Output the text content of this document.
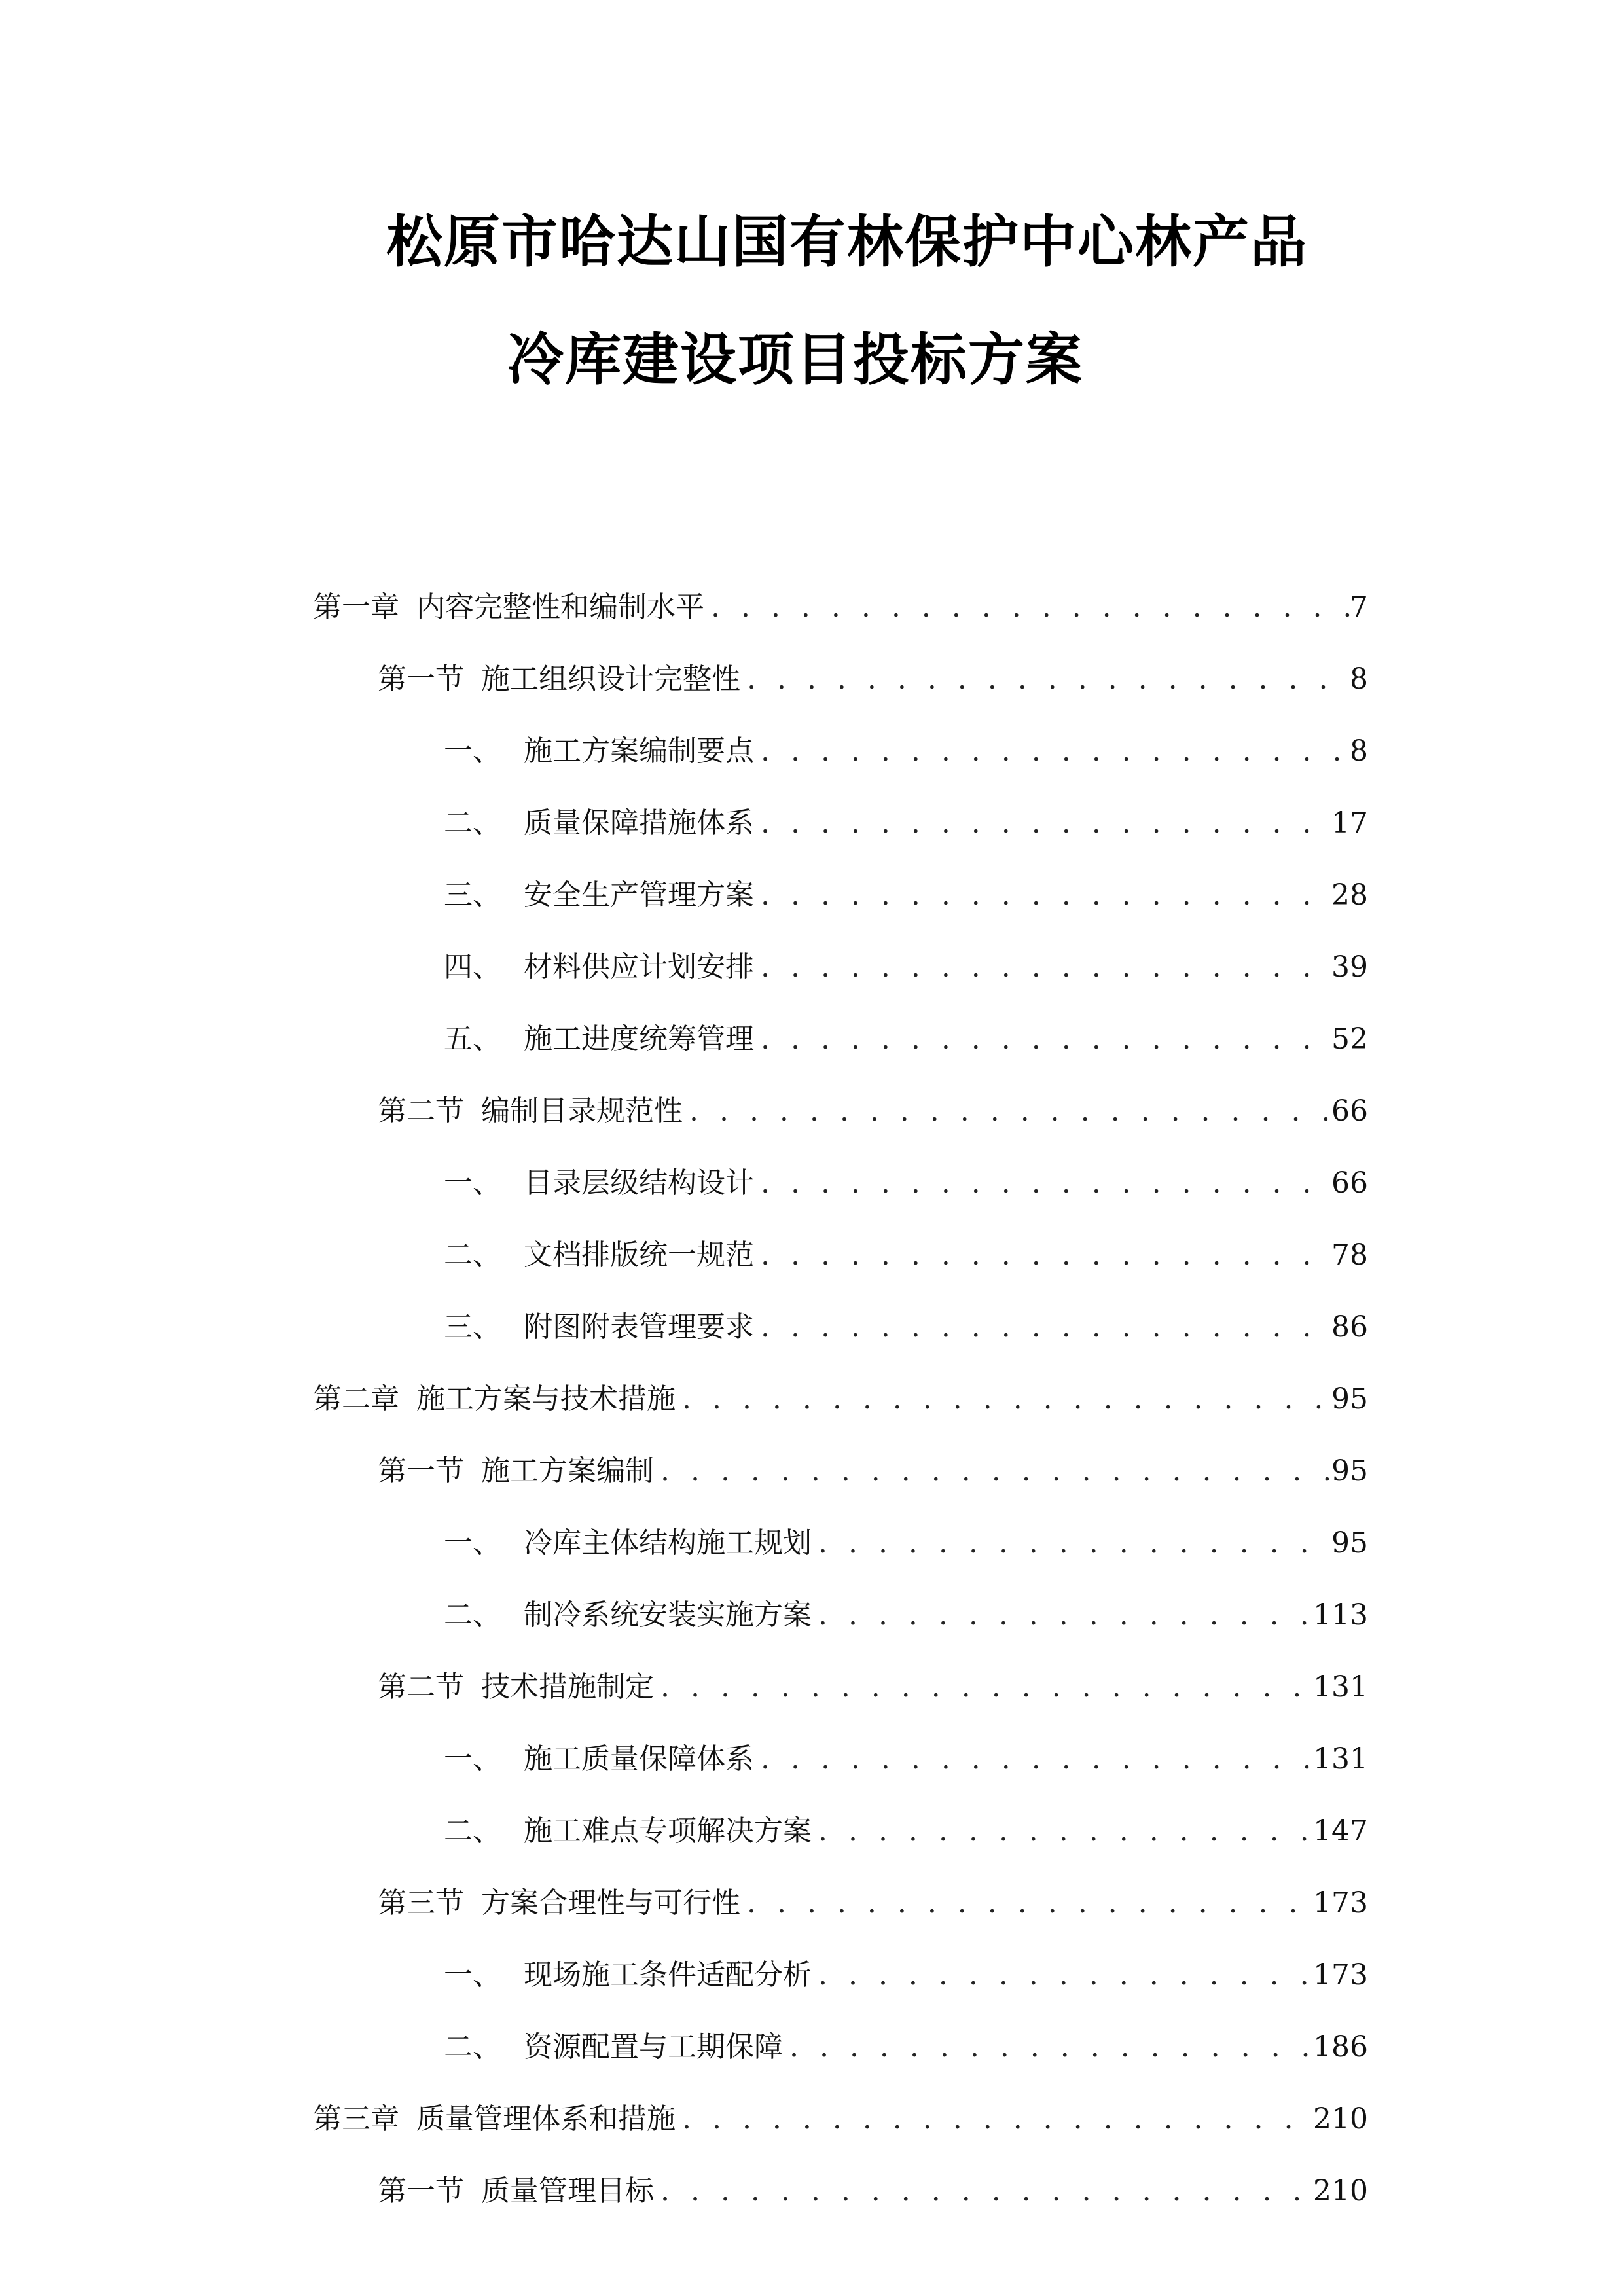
松原市哈达山国有林保护中心林产品
冷库建设项目投标方案
第一章 内容完整性和编制水平 . . .	7
第一节 施工组织设计完整性 . . .	8
一、 施工方案编制要点 . . .	8
二、 质量保障措施体系 . . .	17
三、 安全生产管理方案 . . .	28
四、 材料供应计划安排 . . .	39
五、 施工进度统筹管理 . . .	52
第二节 编制目录规范性 . . .	66
一、 目录层级结构设计 . . .	66
二、 文档排版统一规范 . . .	78
三、 附图附表管理要求 . . .	86
第二章 施工方案与技术措施 . . .	95
第一节 施工方案编制 . . .	95
一、 冷库主体结构施工规划 . . .	95
二、 制冷系统安装实施方案 . . .	113
第二节 技术措施制定 . . .	131
一、 施工质量保障体系 . . .	131
二、 施工难点专项解决方案 . . .	147
第三节 方案合理性与可行性 . . .	173
一、 现场施工条件适配分析 . . .	173
二、 资源配置与工期保障 . . .	186
第三章 质量管理体系和措施 . . .	210
第一节 质量管理目标 . . .	210
